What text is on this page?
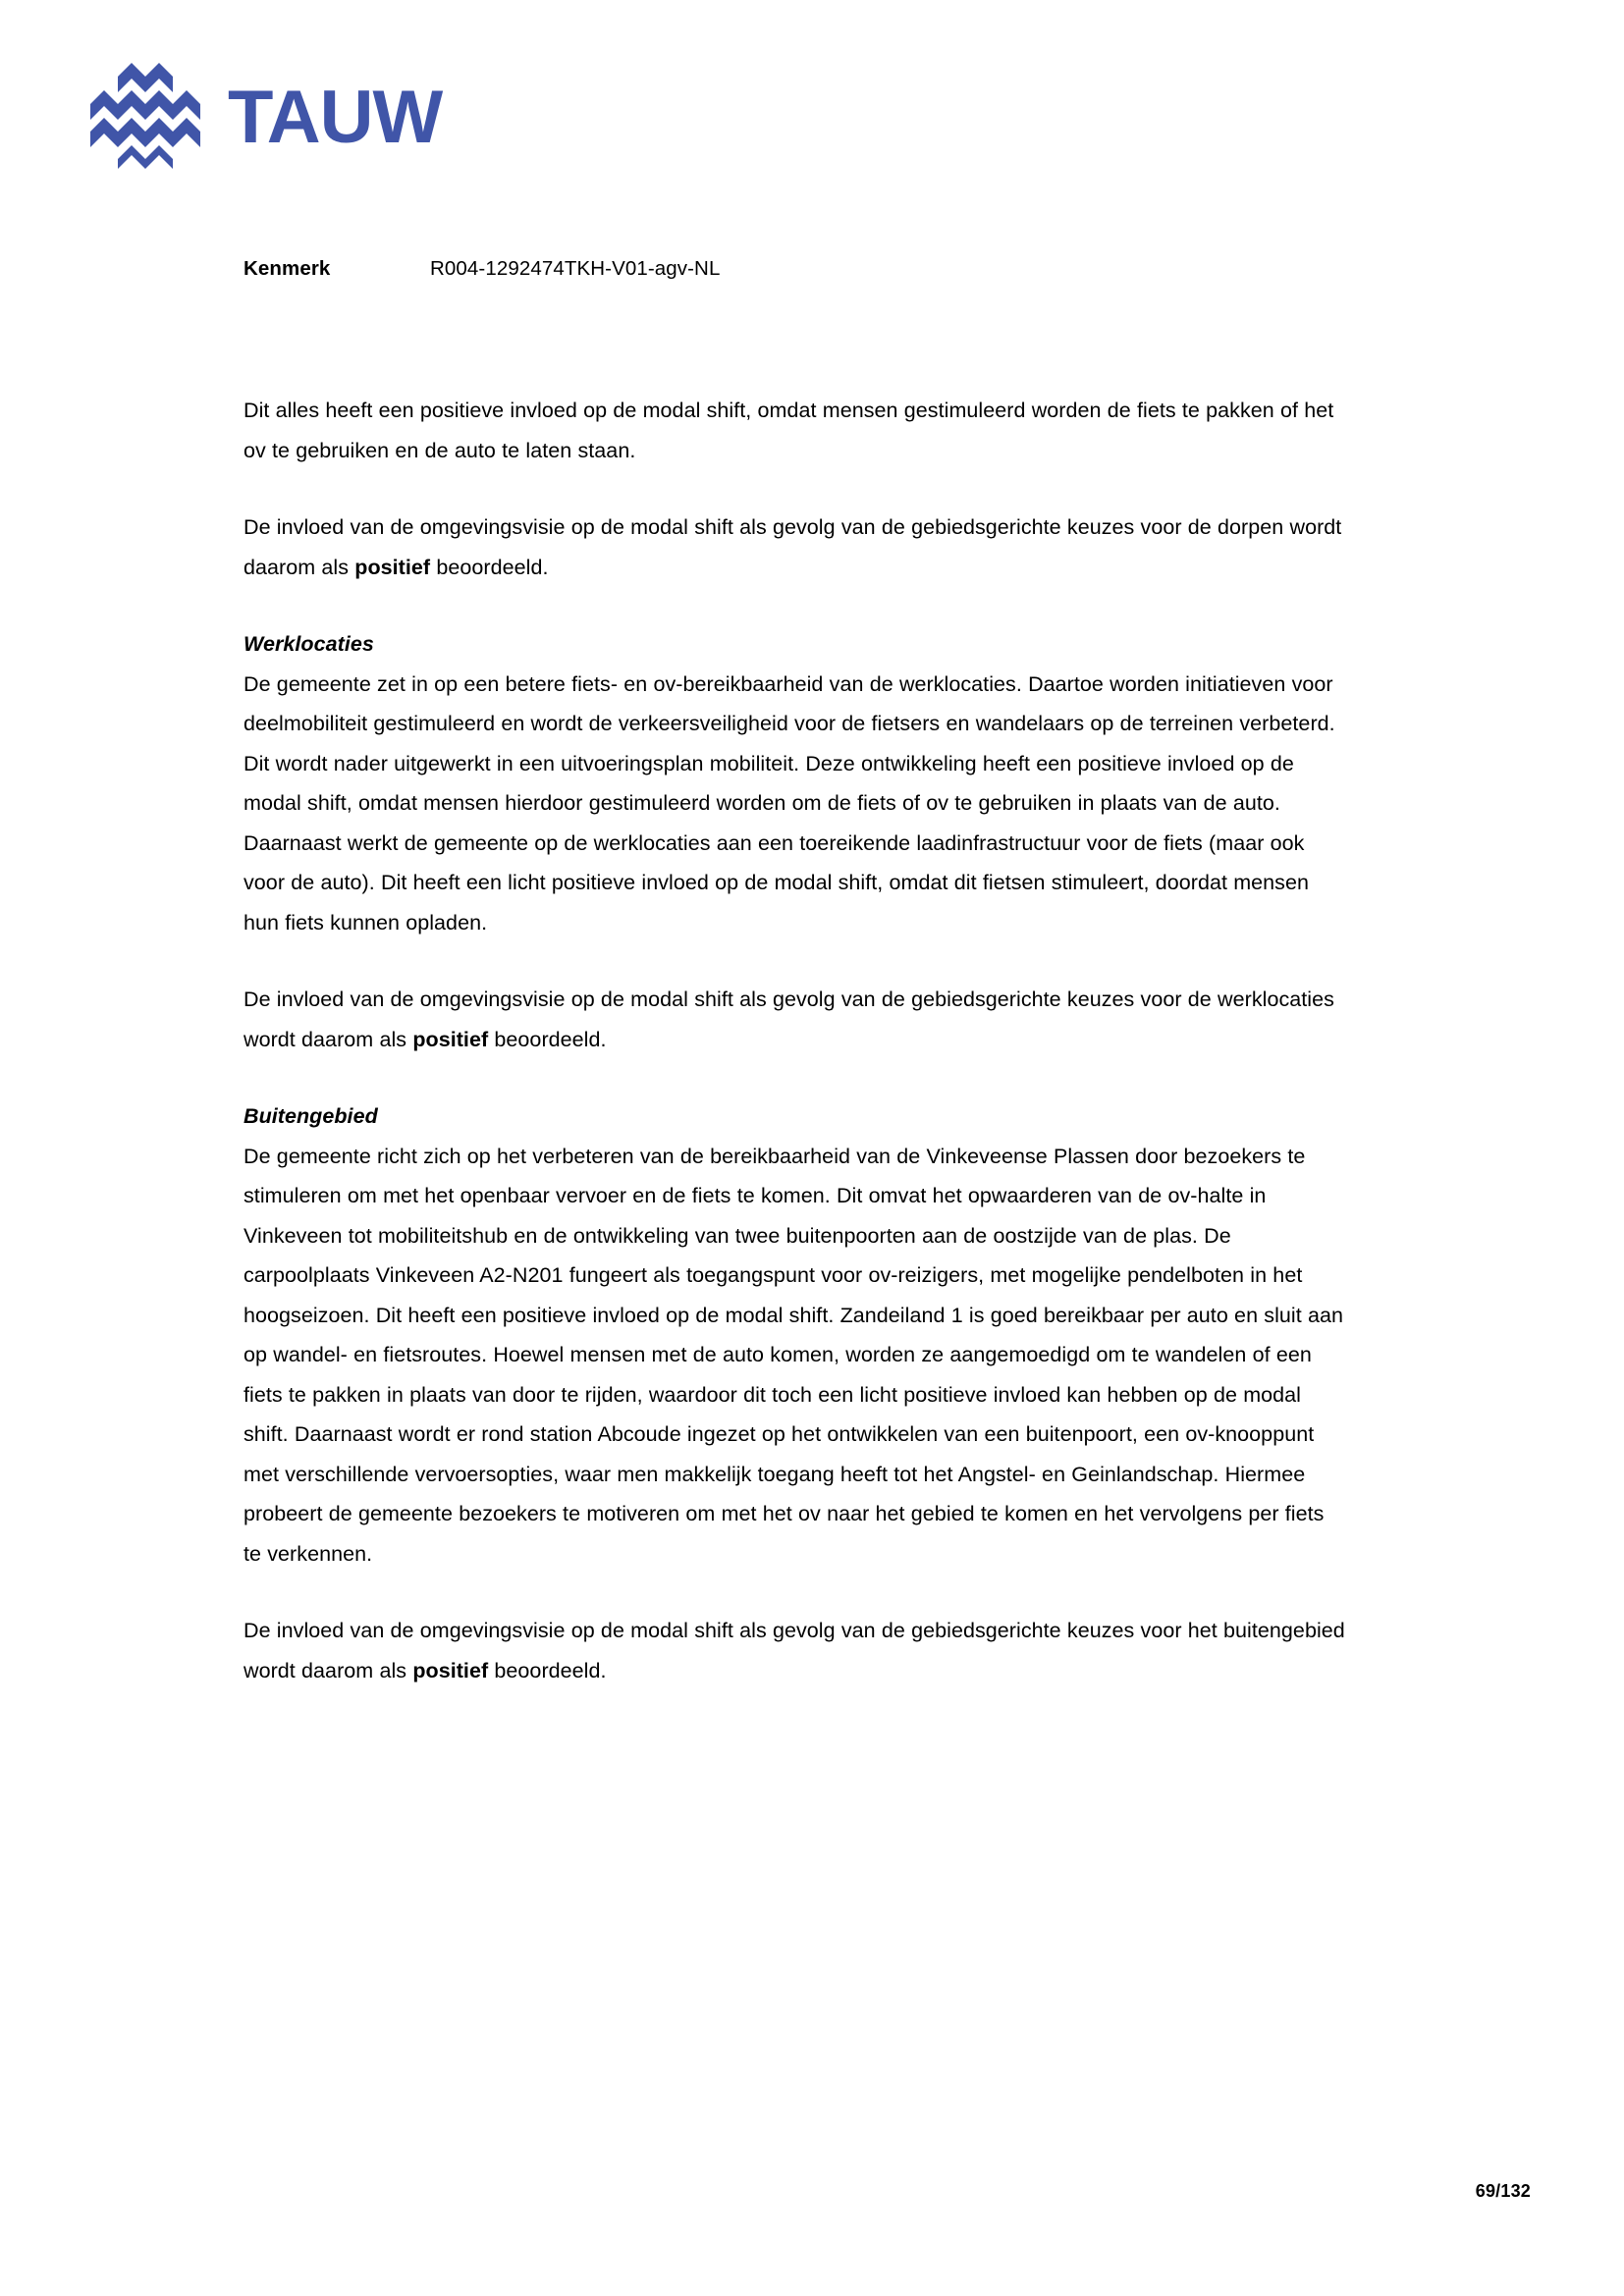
TAUW
Kenmerk	R004-1292474TKH-V01-agv-NL

Dit alles heeft een positieve invloed op de modal shift, omdat mensen gestimuleerd worden de fiets te pakken of het ov te gebruiken en de auto te laten staan.

De invloed van de omgevingsvisie op de modal shift als gevolg van de gebiedsgerichte keuzes voor de dorpen wordt daarom als positief beoordeeld.

Werklocaties

De gemeente zet in op een betere fiets- en ov-bereikbaarheid van de werklocaties. Daartoe worden initiatieven voor deelmobiliteit gestimuleerd en wordt de verkeersveiligheid voor de fietsers en wandelaars op de terreinen verbeterd. Dit wordt nader uitgewerkt in een uitvoeringsplan mobiliteit. Deze ontwikkeling heeft een positieve invloed op de modal shift, omdat mensen hierdoor gestimuleerd worden om de fiets of ov te gebruiken in plaats van de auto. Daarnaast werkt de gemeente op de werklocaties aan een toereikende laadinfrastructuur voor de fiets (maar ook voor de auto). Dit heeft een licht positieve invloed op de modal shift, omdat dit fietsen stimuleert, doordat mensen hun fiets kunnen opladen.

De invloed van de omgevingsvisie op de modal shift als gevolg van de gebiedsgerichte keuzes voor de werklocaties wordt daarom als positief beoordeeld.

Buitengebied

De gemeente richt zich op het verbeteren van de bereikbaarheid van de Vinkeveense Plassen door bezoekers te stimuleren om met het openbaar vervoer en de fiets te komen. Dit omvat het opwaarderen van de ov-halte in Vinkeveen tot mobiliteitshub en de ontwikkeling van twee buitenpoorten aan de oostzijde van de plas. De carpoolplaats Vinkeveen A2-N201 fungeert als toegangspunt voor ov-reizigers, met mogelijke pendelboten in het hoogseizoen. Dit heeft een positieve invloed op de modal shift. Zandeiland 1 is goed bereikbaar per auto en sluit aan op wandel- en fietsroutes. Hoewel mensen met de auto komen, worden ze aangemoedigd om te wandelen of een fiets te pakken in plaats van door te rijden, waardoor dit toch een licht positieve invloed kan hebben op de modal shift. Daarnaast wordt er rond station Abcoude ingezet op het ontwikkelen van een buitenpoort, een ov-knooppunt met verschillende vervoersopties, waar men makkelijk toegang heeft tot het Angstel- en Geinlandschap. Hiermee probeert de gemeente bezoekers te motiveren om met het ov naar het gebied te komen en het vervolgens per fiets te verkennen.

De invloed van de omgevingsvisie op de modal shift als gevolg van de gebiedsgerichte keuzes voor het buitengebied wordt daarom als positief beoordeeld.

69/132
